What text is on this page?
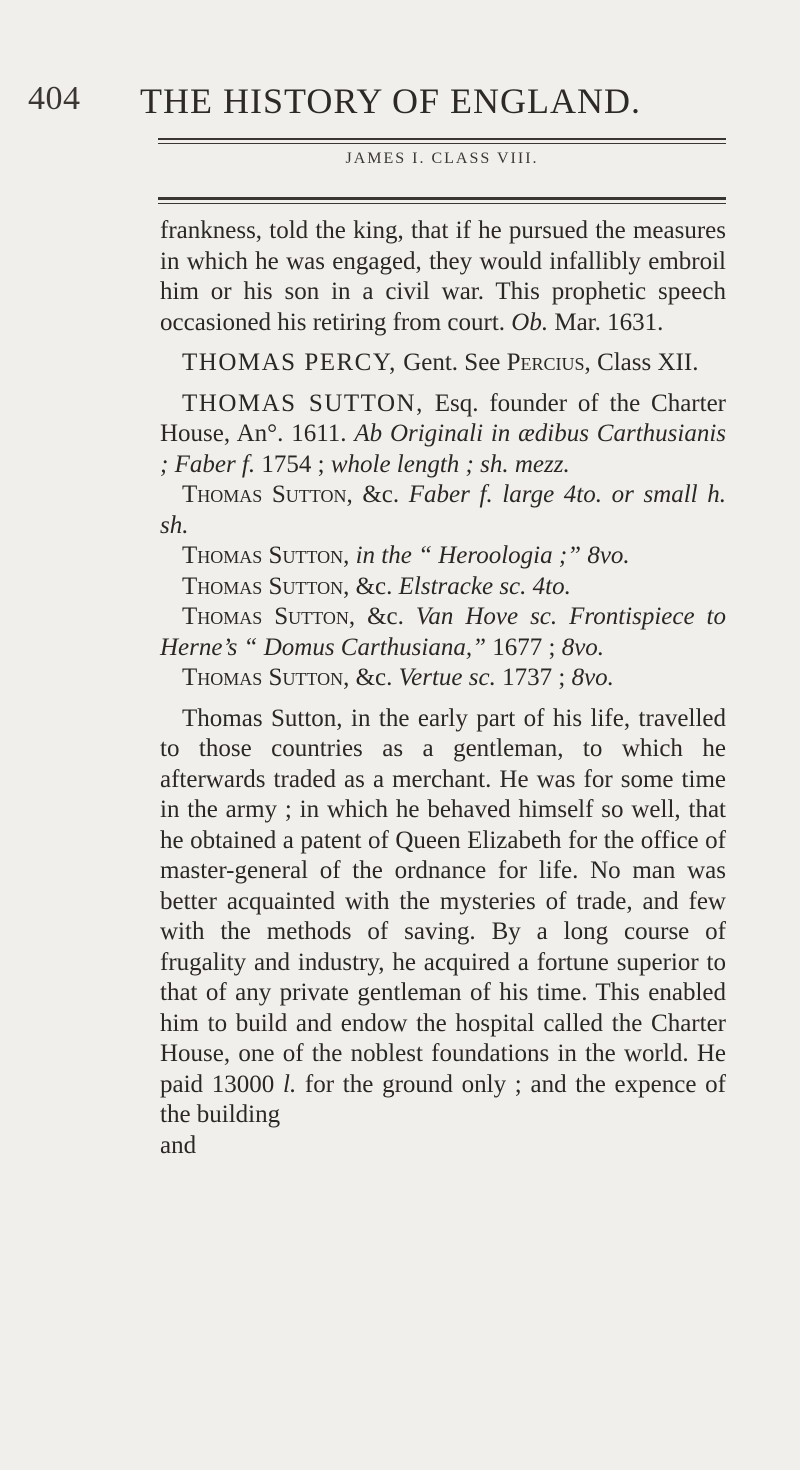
404 THE HISTORY OF ENGLAND.
JAMES I. CLASS VIII.

frankness, told the king, that if he pursued the measures in which he was engaged, they would infallibly embroil him or his son in a civil war. This prophetic speech occasioned his retiring from court. Ob. Mar. 1631.

THOMAS PERCY, Gent. See Percius, Class XII.

THOMAS SUTTON, Esq. founder of the Charter House, An°. 1611. Ab Originali in ædibus Carthusianis ; Faber f. 1754 ; whole length ; sh. mezz.

Thomas Sutton, &c. Faber f. large 4to. or small h. sh.

Thomas Sutton, in the “ Heroologia ;” 8vo.

Thomas Sutton, &c. Elstracke sc. 4to.

Thomas Sutton, &c. Van Hove sc. Frontispiece to Herne’s “ Domus Carthusiana,” 1677 ; 8vo.

Thomas Sutton, &c. Vertue sc. 1737 ; 8vo.

Thomas Sutton, in the early part of his life, travelled to those countries as a gentleman, to which he afterwards traded as a merchant. He was for some time in the army ; in which he behaved himself so well, that he obtained a patent of Queen Elizabeth for the office of master-general of the ordnance for life. No man was better acquainted with the mysteries of trade, and few with the methods of saving. By a long course of frugality and industry, he acquired a fortune superior to that of any private gentleman of his time. This enabled him to build and endow the hospital called the Charter House, one of the noblest foundations in the world. He paid 13000 l. for the ground only ; and the expence of the building

and
